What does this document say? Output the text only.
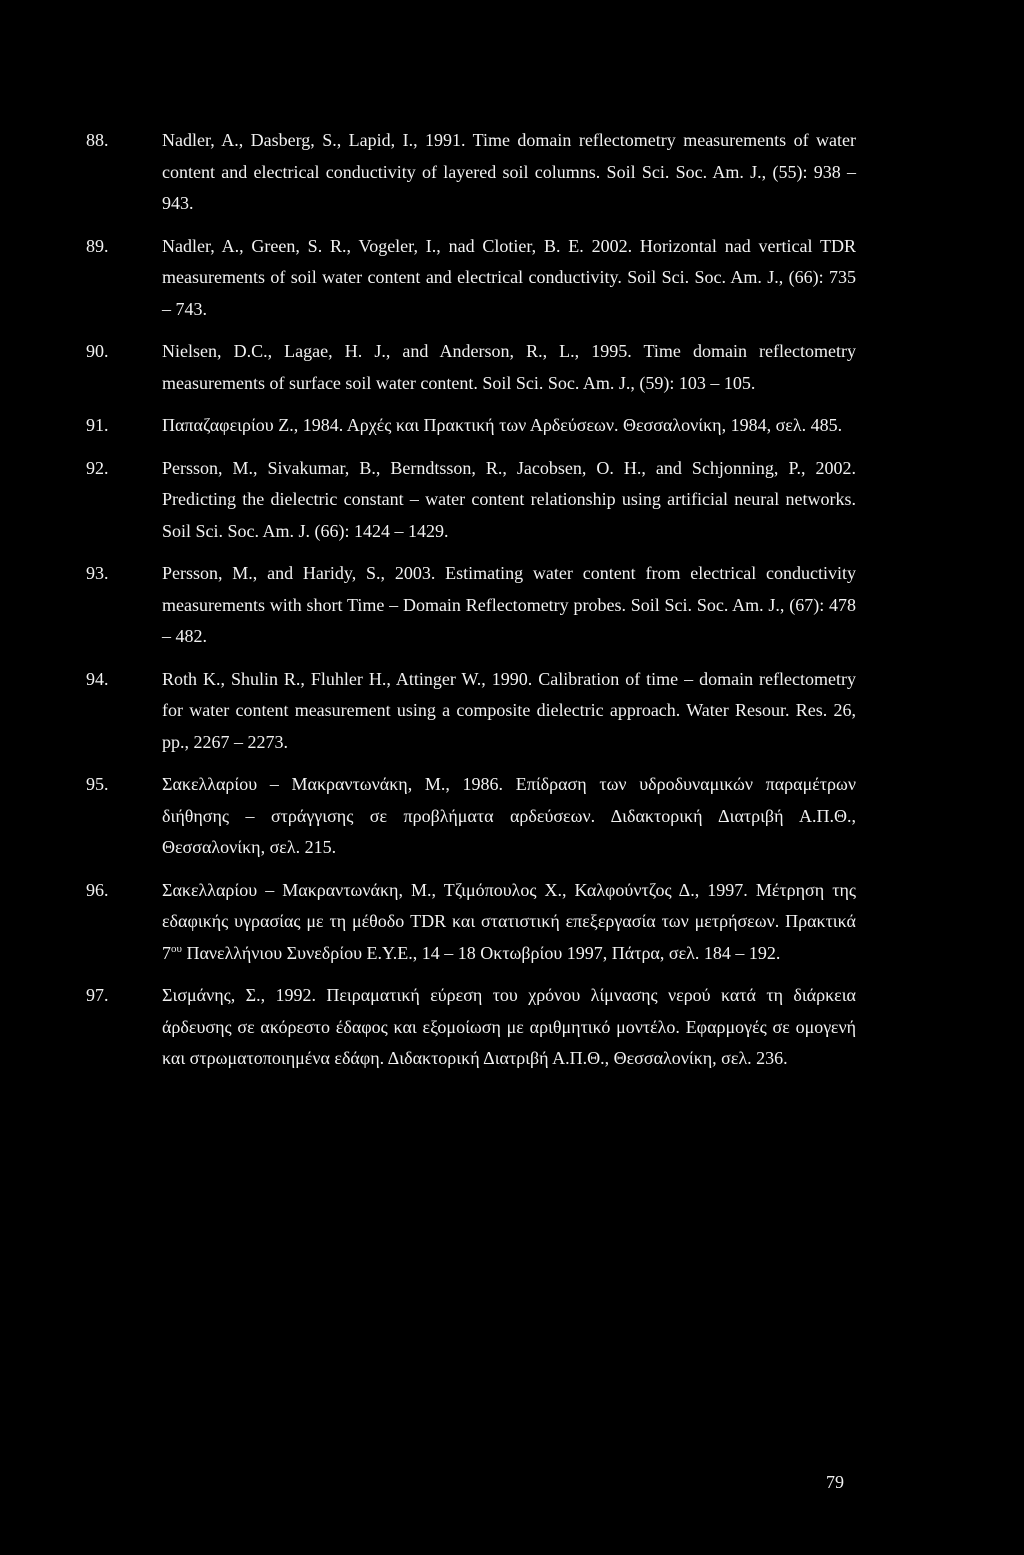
88.	Nadler, A., Dasberg, S., Lapid, I., 1991. Time domain reflectometry measurements of water content and electrical conductivity of layered soil columns. Soil Sci. Soc. Am. J., (55): 938 – 943.
89.	Nadler, A., Green, S. R., Vogeler, I., nad Clotier, B. E. 2002. Horizontal nad vertical TDR measurements of soil water content and electrical conductivity. Soil Sci. Soc. Am. J., (66): 735 – 743.
90.	Nielsen, D.C., Lagae, H. J., and Anderson, R., L., 1995. Time domain reflectometry measurements of surface soil water content. Soil Sci. Soc. Am. J., (59): 103 – 105.
91.	Παπαζαφειρίου Ζ., 1984. Αρχές και Πρακτική των Αρδεύσεων. Θεσσαλονίκη, 1984, σελ. 485.
92.	Persson, M., Sivakumar, B., Berndtsson, R., Jacobsen, O. H., and Schjonning, P., 2002. Predicting the dielectric constant – water content relationship using artificial neural networks. Soil Sci. Soc. Am. J. (66): 1424 – 1429.
93.	Persson, M., and Haridy, S., 2003. Estimating water content from electrical conductivity measurements with short Time – Domain Reflectometry probes. Soil Sci. Soc. Am. J., (67): 478 – 482.
94.	Roth K., Shulin R., Fluhler H., Attinger W., 1990. Calibration of time – domain reflectometry for water content measurement using a composite dielectric approach. Water Resour. Res. 26, pp., 2267 – 2273.
95.	Σακελλαρίου – Μακραντωνάκη, Μ., 1986. Επίδραση των υδροδυναμικών παραμέτρων διήθησης – στράγγισης σε προβλήματα αρδεύσεων. Διδακτορική Διατριβή Α.Π.Θ., Θεσσαλονίκη, σελ. 215.
96.	Σακελλαρίου – Μακραντωνάκη, Μ., Τζιμόπουλος Χ., Καλφούντζος Δ., 1997. Μέτρηση της εδαφικής υγρασίας με τη μέθοδο TDR και στατιστική επεξεργασία των μετρήσεων. Πρακτικά $7^{o\upsilon}$ Πανελλήνιου Συνεδρίου Ε.Υ.Ε., 14 – 18 Οκτωβρίου 1997, Πάτρα, σελ. 184 – 192.
97.	Σισμάνης, Σ., 1992. Πειραματική εύρεση του χρόνου λίμνασης νερού κατά τη διάρκεια άρδευσης σε ακόρεστο έδαφος και εξομοίωση με αριθμητικό μοντέλο. Εφαρμογές σε ομογενή και στρωματοποιημένα εδάφη. Διδακτορική Διατριβή Α.Π.Θ., Θεσσαλονίκη, σελ. 236.
79
